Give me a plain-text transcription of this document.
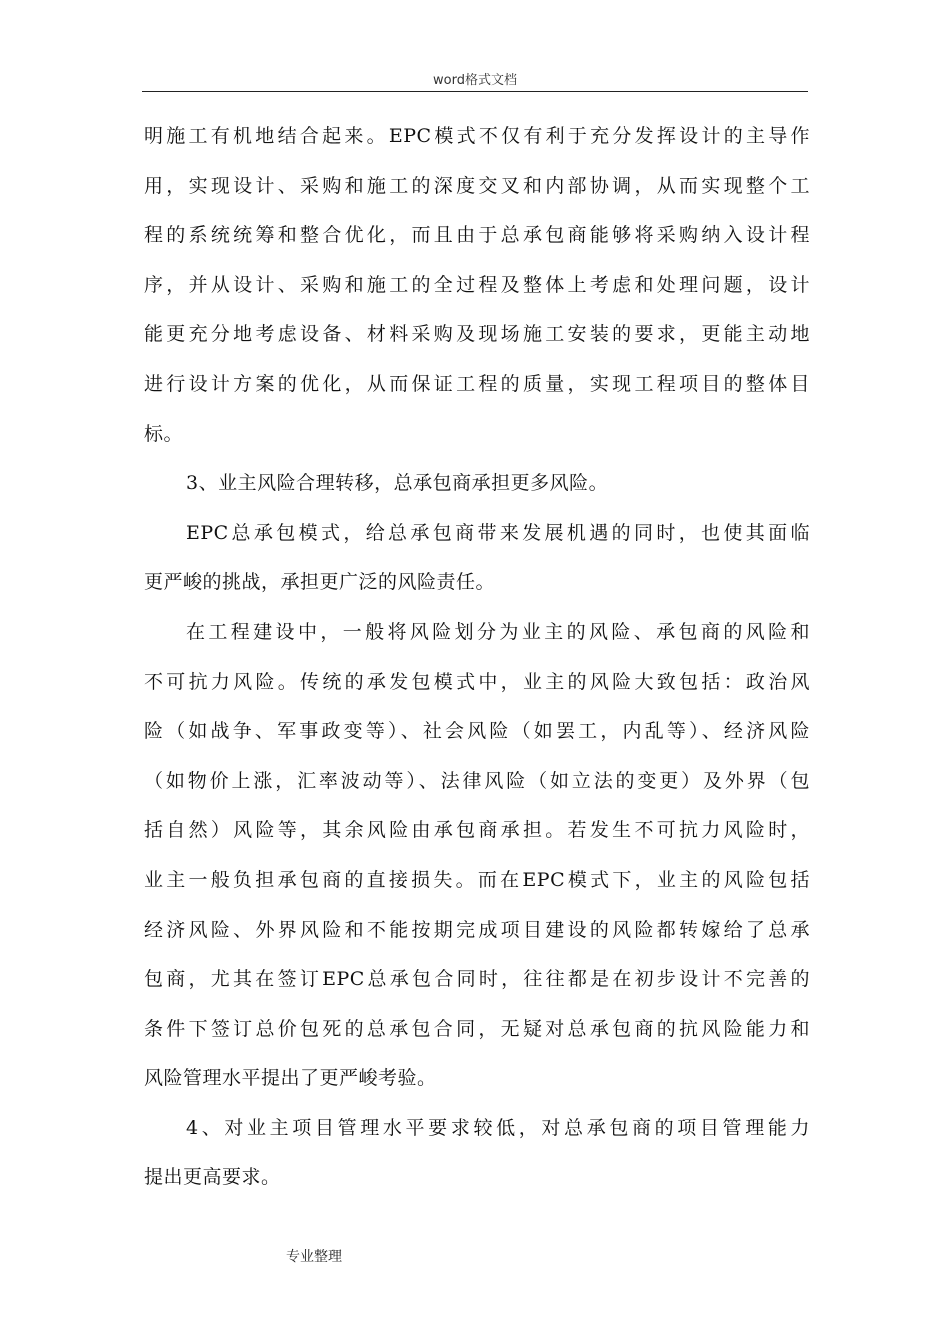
word格式文档
明施工有机地结合起来。EPC模式不仅有利于充分发挥设计的主导作
用，实现设计、采购和施工的深度交叉和内部协调，从而实现整个工
程的系统统筹和整合优化，而且由于总承包商能够将采购纳入设计程
序，并从设计、采购和施工的全过程及整体上考虑和处理问题，设计
能更充分地考虑设备、材料采购及现场施工安装的要求，更能主动地
进行设计方案的优化，从而保证工程的质量，实现工程项目的整体目
标。
3、业主风险合理转移，总承包商承担更多风险。
EPC总承包模式，给总承包商带来发展机遇的同时，也使其面临
更严峻的挑战，承担更广泛的风险责任。
在工程建设中，一般将风险划分为业主的风险、承包商的风险和
不可抗力风险。传统的承发包模式中，业主的风险大致包括：政治风
险（如战争、军事政变等）、社会风险（如罢工，内乱等）、经济风险
（如物价上涨，汇率波动等）、法律风险（如立法的变更）及外界（包
括自然）风险等，其余风险由承包商承担。若发生不可抗力风险时，
业主一般负担承包商的直接损失。而在EPC模式下，业主的风险包括
经济风险、外界风险和不能按期完成项目建设的风险都转嫁给了总承
包商，尤其在签订EPC总承包合同时，往往都是在初步设计不完善的
条件下签订总价包死的总承包合同，无疑对总承包商的抗风险能力和
风险管理水平提出了更严峻考验。
4、对业主项目管理水平要求较低，对总承包商的项目管理能力
提出更高要求。
专业整理
